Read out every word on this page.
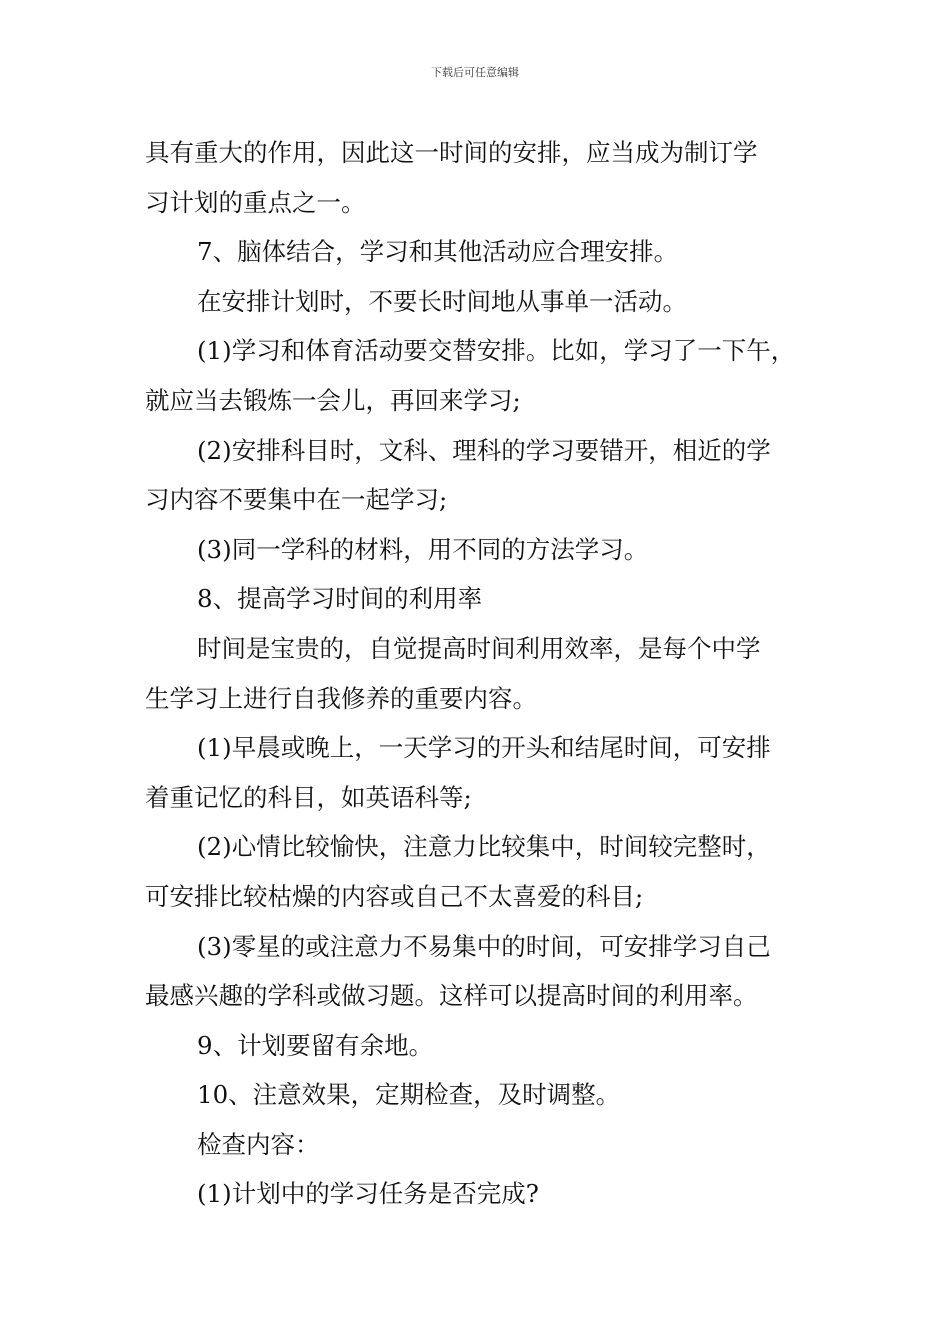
下载后可任意编辑
具有重大的作用，因此这一时间的安排，应当成为制订学
习计划的重点之一。
7、脑体结合，学习和其他活动应合理安排。
在安排计划时，不要长时间地从事单一活动。
(1)学习和体育活动要交替安排。比如，学习了一下午，
就应当去锻炼一会儿，再回来学习;
(2)安排科目时，文科、理科的学习要错开，相近的学
习内容不要集中在一起学习;
(3)同一学科的材料，用不同的方法学习。
8、提高学习时间的利用率
时间是宝贵的，自觉提高时间利用效率，是每个中学
生学习上进行自我修养的重要内容。
(1)早晨或晚上，一天学习的开头和结尾时间，可安排
着重记忆的科目，如英语科等;
(2)心情比较愉快，注意力比较集中，时间较完整时，
可安排比较枯燥的内容或自己不太喜爱的科目;
(3)零星的或注意力不易集中的时间，可安排学习自己
最感兴趣的学科或做习题。这样可以提高时间的利用率。
9、计划要留有余地。
10、注意效果，定期检查，及时调整。
检查内容：
(1)计划中的学习任务是否完成?
